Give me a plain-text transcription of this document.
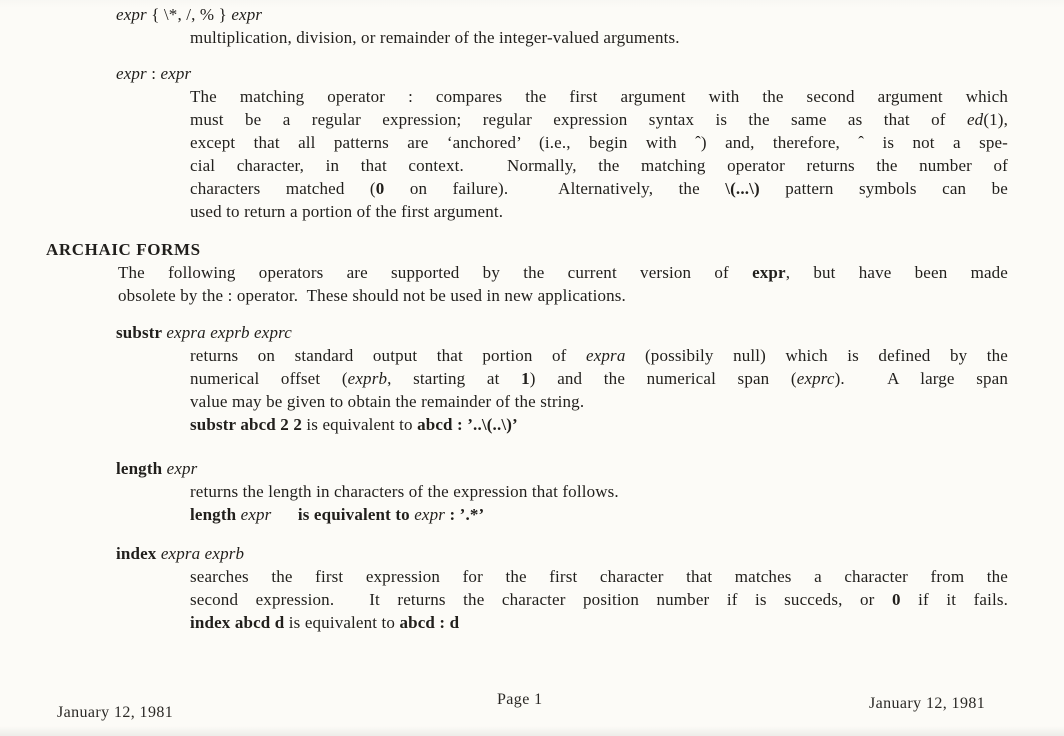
expr { \*, /, % } expr
multiplication, division, or remainder of the integer-valued arguments.
expr : expr
The matching operator : compares the first argument with the second argument which
must be a regular expression; regular expression syntax is the same as that of ed(1),
except that all patterns are ‘anchored’ (i.e., begin with ˆ) and, therefore, ˆ is not a spe-
cial character, in that context.  Normally, the matching operator returns the number of
characters matched (0 on failure).  Alternatively, the \(...\) pattern symbols can be
used to return a portion of the first argument.
ARCHAIC FORMS
The following operators are supported by the current version of expr, but have been made
obsolete by the : operator.  These should not be used in new applications.
substr expra exprb exprc
returns on standard output that portion of expra (possibily null) which is defined by the
numerical offset (exprb, starting at 1) and the numerical span (exprc).  A large span
value may be given to obtain the remainder of the string.
substr abcd 2 2 is equivalent to abcd : ’..\(..\)’
length expr
returns the length in characters of the expression that follows.
length expr is equivalent to expr : ’.*’
index expra exprb
searches the first expression for the first character that matches a character from the
second expression.  It returns the character position number if is succeds, or 0 if it fails.
index abcd d is equivalent to abcd : d
January 12, 1981
Page 1	January 12, 1981
